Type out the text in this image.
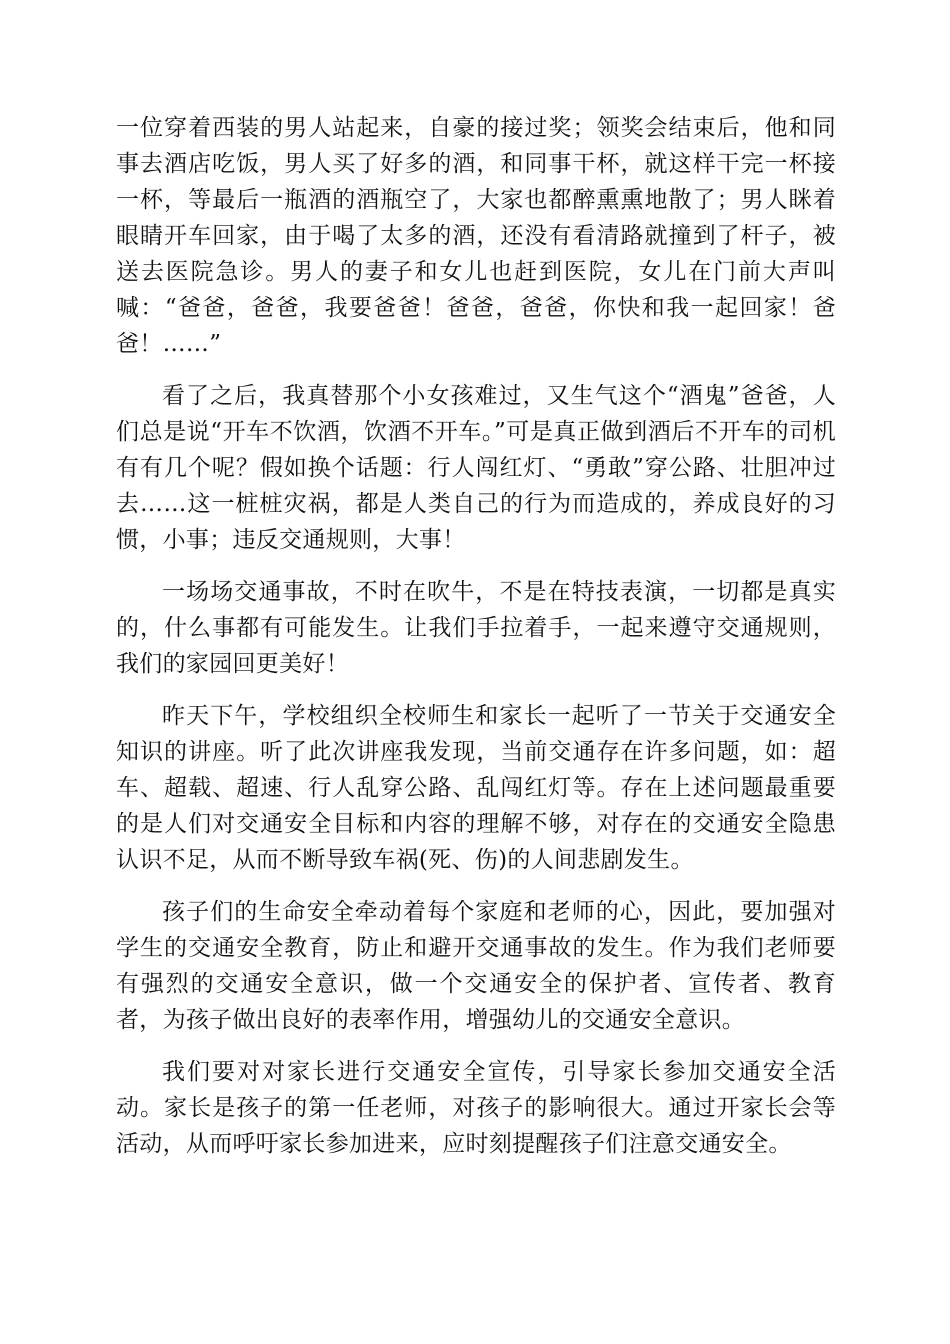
一位穿着西装的男人站起来，自豪的接过奖；领奖会结束后，他和同事去酒店吃饭，男人买了好多的酒，和同事干杯，就这样干完一杯接一杯，等最后一瓶酒的酒瓶空了，大家也都醉熏熏地散了；男人眯着眼睛开车回家，由于喝了太多的酒，还没有看清路就撞到了杆子，被送去医院急诊。男人的妻子和女儿也赶到医院，女儿在门前大声叫喊：“爸爸，爸爸，我要爸爸！爸爸，爸爸，你快和我一起回家！爸爸！……”

看了之后，我真替那个小女孩难过，又生气这个“酒鬼”爸爸，人们总是说“开车不饮酒，饮酒不开车。”可是真正做到酒后不开车的司机有有几个呢？假如换个话题：行人闯红灯、“勇敢”穿公路、壮胆冲过去……这一桩桩灾祸，都是人类自己的行为而造成的，养成良好的习惯，小事；违反交通规则，大事！

一场场交通事故，不时在吹牛，不是在特技表演，一切都是真实的，什么事都有可能发生。让我们手拉着手，一起来遵守交通规则，我们的家园回更美好！

昨天下午，学校组织全校师生和家长一起听了一节关于交通安全知识的讲座。听了此次讲座我发现，当前交通存在许多问题，如：超车、超载、超速、行人乱穿公路、乱闯红灯等。存在上述问题最重要的是人们对交通安全目标和内容的理解不够，对存在的交通安全隐患认识不足，从而不断导致车祸(死、伤)的人间悲剧发生。

孩子们的生命安全牵动着每个家庭和老师的心，因此，要加强对学生的交通安全教育，防止和避开交通事故的发生。作为我们老师要有强烈的交通安全意识，做一个交通安全的保护者、宣传者、教育者，为孩子做出良好的表率作用，增强幼儿的交通安全意识。

我们要对对家长进行交通安全宣传，引导家长参加交通安全活动。家长是孩子的第一任老师，对孩子的影响很大。通过开家长会等活动，从而呼吁家长参加进来，应时刻提醒孩子们注意交通安全。
